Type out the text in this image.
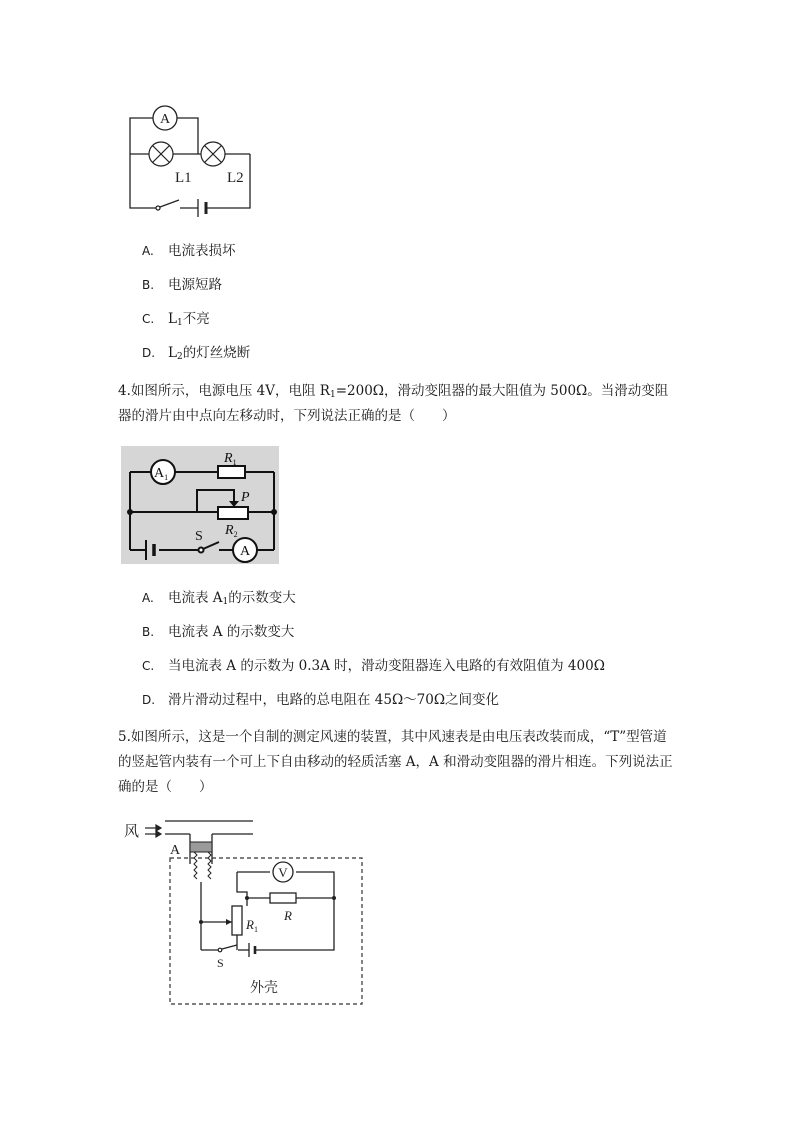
A
L1 L2
A. 电流表损坏
B. 电源短路
C. $L_1$不亮
D. $L_2$的灯丝烧断
4.如图所示，电源电压 4V，电阻 $R_1=200\Omega$，滑动变阻器的最大阻值为 500Ω。当滑动变阻器的滑片由中点向左移动时，下列说法正确的是（　　）
$A_1$
$R_1$
P
$R_2$
S
A
A. 电流表 $A_1$的示数变大
B. 电流表 A 的示数变大
C. 当电流表 A 的示数为 0.3A 时，滑动变阻器连入电路的有效阻值为 400Ω
D. 滑片滑动过程中，电路的总电阻在 45Ω～70Ω之间变化
5.如图所示，这是一个自制的测定风速的装置，其中风速表是由电压表改装而成，“T”型管道的竖起管内装有一个可上下自由移动的轻质活塞 A，A 和滑动变阻器的滑片相连。下列说法正确的是（　　）
风
A
外壳
V
R
$R_1$
S
